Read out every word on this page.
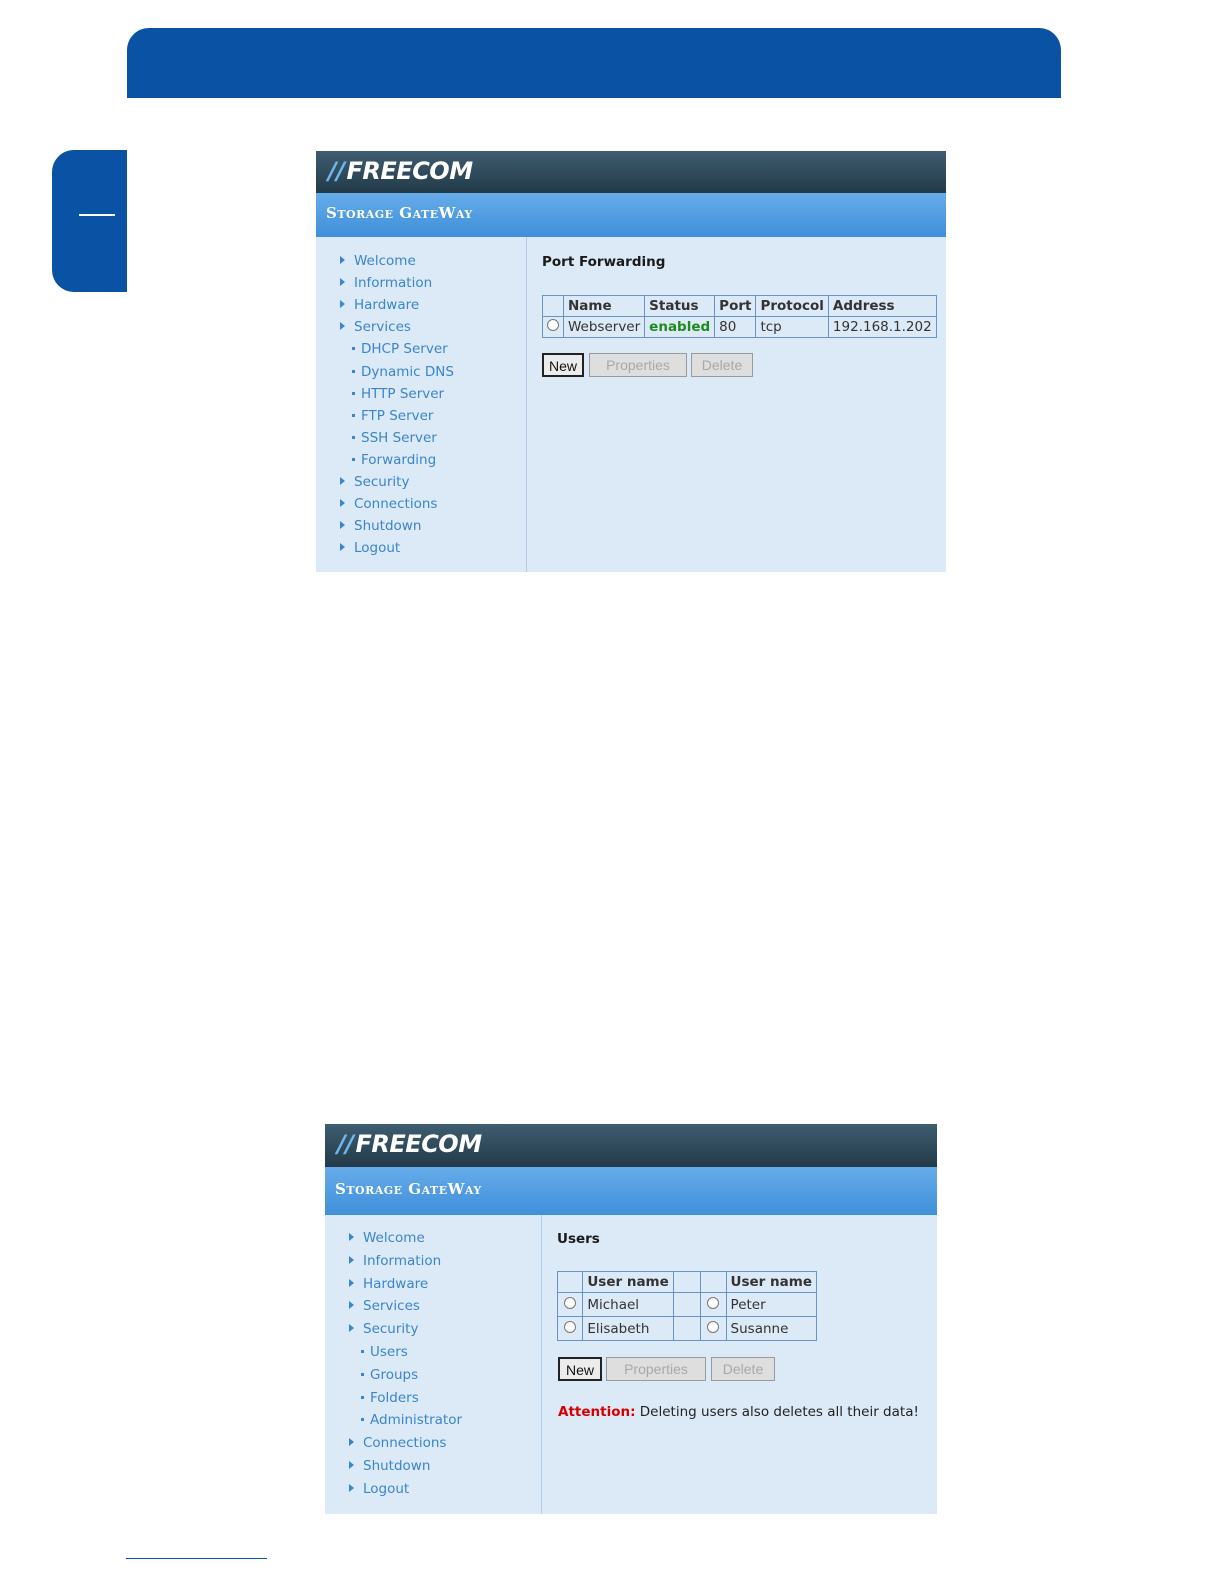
//FREECOM
Storage GateWay
Welcome
Information
Hardware
Services
DHCP Server
Dynamic DNS
HTTP Server
FTP Server
SSH Server
Forwarding
Security
Connections
Shutdown
Logout
Port Forwarding
	Name	Status	Port	Protocol	Address
	Webserver	enabled	80	tcp	192.168.1.202
New	Properties	Delete
//FREECOM
Storage GateWay
Welcome
Information
Hardware
Services
Security
Users
Groups
Folders
Administrator
Connections
Shutdown
Logout
Users
	User name			User name
	Michael			Peter
	Elisabeth			Susanne
New	Properties	Delete
Attention: Deleting users also deletes all their data!
